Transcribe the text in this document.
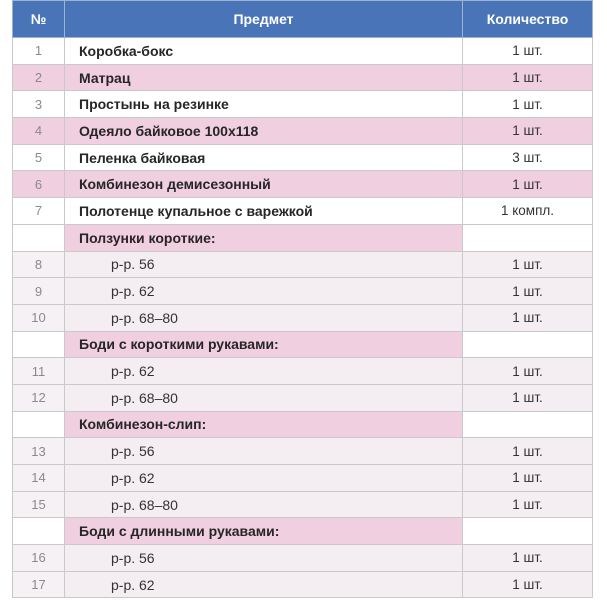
№	Предмет	Количество
1	Коробка-бокс	1 шт.
2	Матрац	1 шт.
3	Простынь на резинке	1 шт.
4	Одеяло байковое 100x118	1 шт.
5	Пеленка байковая	3 шт.
6	Комбинезон демисезонный	1 шт.
7	Полотенце купальное с варежкой	1 компл.
	Ползунки короткие:	
8	р-р. 56	1 шт.
9	р-р. 62	1 шт.
10	р-р. 68–80	1 шт.
	Боди с короткими рукавами:	
11	р-р. 62	1 шт.
12	р-р. 68–80	1 шт.
	Комбинезон-слип:	
13	р-р. 56	1 шт.
14	р-р. 62	1 шт.
15	р-р. 68–80	1 шт.
	Боди с длинными рукавами:	
16	р-р. 56	1 шт.
17	р-р. 62	1 шт.
